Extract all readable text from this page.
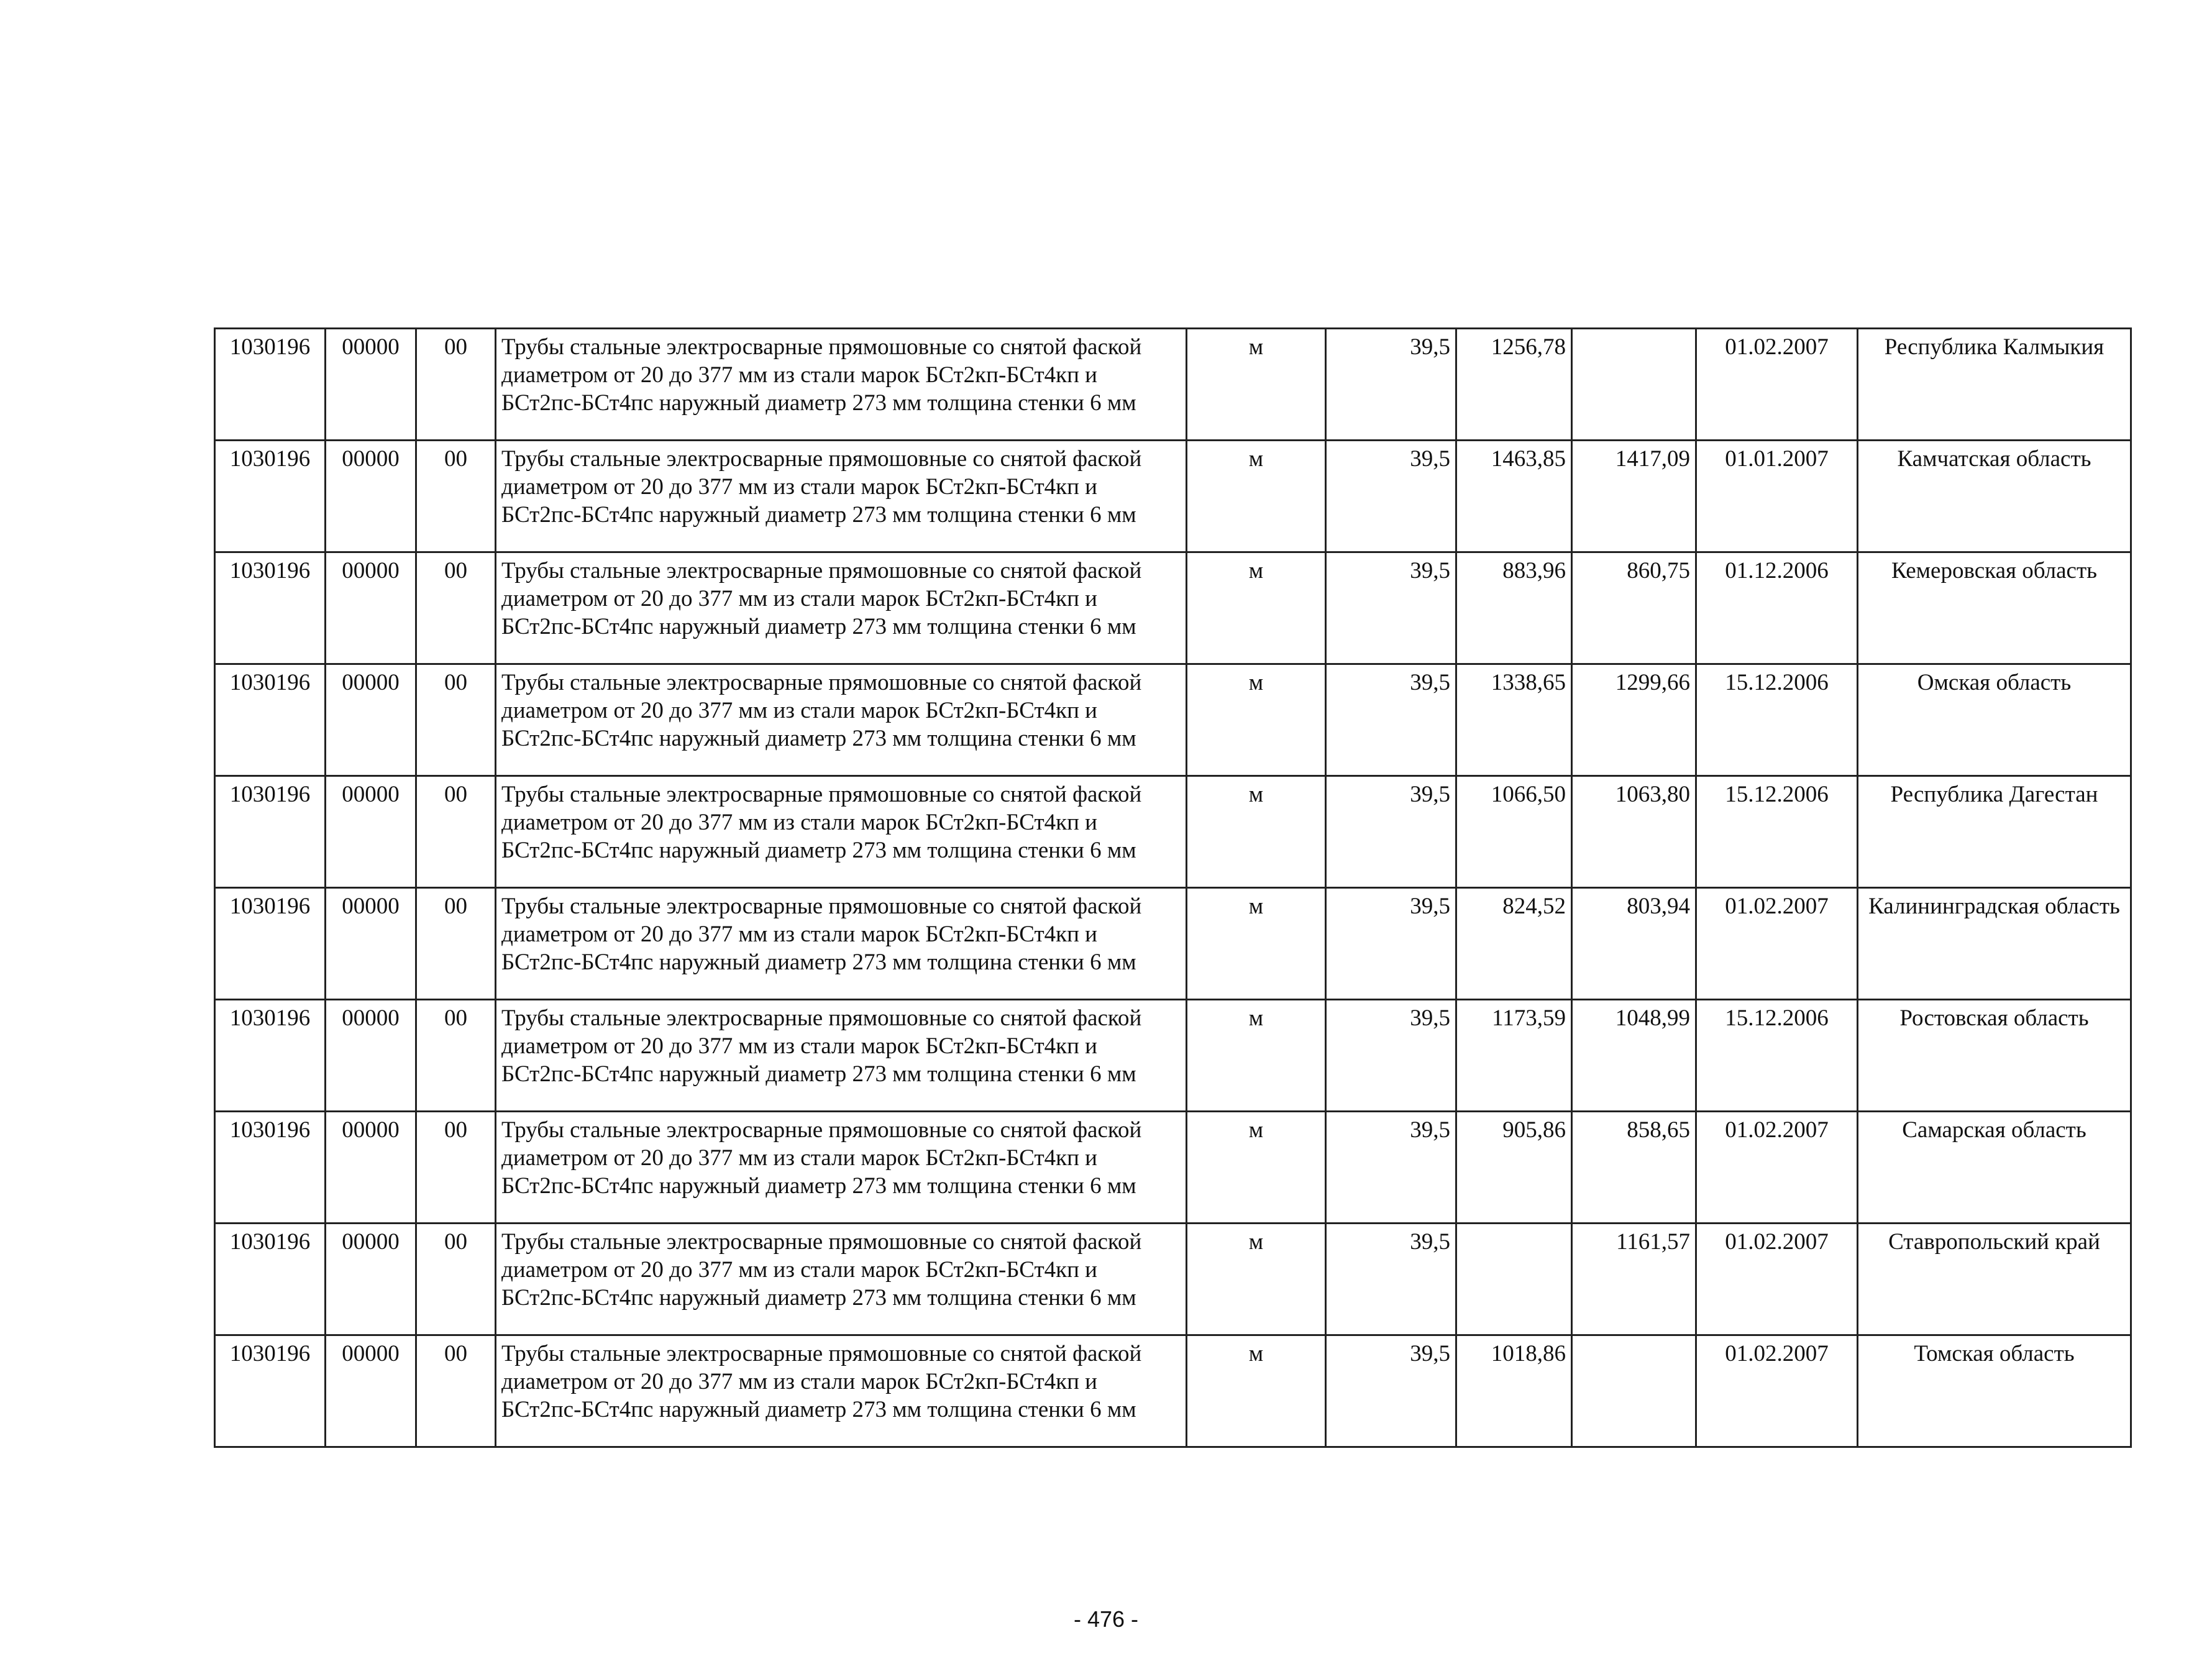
1030196	00000	00	Трубы стальные электросварные прямошовные со снятой фаской диаметром от 20 до 377 мм из стали марок БСт2кп-БСт4кп и БСт2пс-БСт4пс наружный диаметр 273 мм толщина стенки 6 мм	м	39,5	1256,78		01.02.2007	Республика Калмыкия
1030196	00000	00	Трубы стальные электросварные прямошовные со снятой фаской диаметром от 20 до 377 мм из стали марок БСт2кп-БСт4кп и БСт2пс-БСт4пс наружный диаметр 273 мм толщина стенки 6 мм	м	39,5	1463,85	1417,09	01.01.2007	Камчатская область
1030196	00000	00	Трубы стальные электросварные прямошовные со снятой фаской диаметром от 20 до 377 мм из стали марок БСт2кп-БСт4кп и БСт2пс-БСт4пс наружный диаметр 273 мм толщина стенки 6 мм	м	39,5	883,96	860,75	01.12.2006	Кемеровская область
1030196	00000	00	Трубы стальные электросварные прямошовные со снятой фаской диаметром от 20 до 377 мм из стали марок БСт2кп-БСт4кп и БСт2пс-БСт4пс наружный диаметр 273 мм толщина стенки 6 мм	м	39,5	1338,65	1299,66	15.12.2006	Омская область
1030196	00000	00	Трубы стальные электросварные прямошовные со снятой фаской диаметром от 20 до 377 мм из стали марок БСт2кп-БСт4кп и БСт2пс-БСт4пс наружный диаметр 273 мм толщина стенки 6 мм	м	39,5	1066,50	1063,80	15.12.2006	Республика Дагестан
1030196	00000	00	Трубы стальные электросварные прямошовные со снятой фаской диаметром от 20 до 377 мм из стали марок БСт2кп-БСт4кп и БСт2пс-БСт4пс наружный диаметр 273 мм толщина стенки 6 мм	м	39,5	824,52	803,94	01.02.2007	Калининградская область
1030196	00000	00	Трубы стальные электросварные прямошовные со снятой фаской диаметром от 20 до 377 мм из стали марок БСт2кп-БСт4кп и БСт2пс-БСт4пс наружный диаметр 273 мм толщина стенки 6 мм	м	39,5	1173,59	1048,99	15.12.2006	Ростовская область
1030196	00000	00	Трубы стальные электросварные прямошовные со снятой фаской диаметром от 20 до 377 мм из стали марок БСт2кп-БСт4кп и БСт2пс-БСт4пс наружный диаметр 273 мм толщина стенки 6 мм	м	39,5	905,86	858,65	01.02.2007	Самарская область
1030196	00000	00	Трубы стальные электросварные прямошовные со снятой фаской диаметром от 20 до 377 мм из стали марок БСт2кп-БСт4кп и БСт2пс-БСт4пс наружный диаметр 273 мм толщина стенки 6 мм	м	39,5		1161,57	01.02.2007	Ставропольский край
1030196	00000	00	Трубы стальные электросварные прямошовные со снятой фаской диаметром от 20 до 377 мм из стали марок БСт2кп-БСт4кп и БСт2пс-БСт4пс наружный диаметр 273 мм толщина стенки 6 мм	м	39,5	1018,86		01.02.2007	Томская область
- 476 -
